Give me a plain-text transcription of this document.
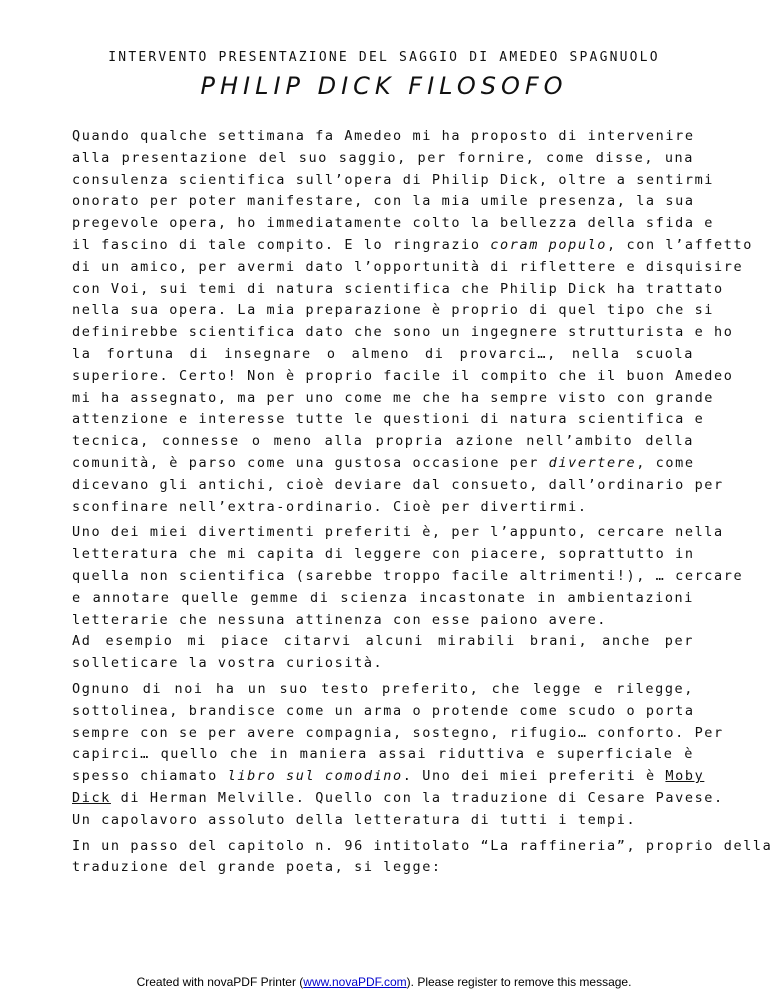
INTERVENTO PRESENTAZIONE DEL SAGGIO DI AMEDEO SPAGNUOLO
PHILIP DICK FILOSOFO
Quando qualche settimana fa Amedeo mi ha proposto di intervenire
alla presentazione del suo saggio, per fornire, come disse, una
consulenza scientifica sull’opera di Philip Dick, oltre a sentirmi
onorato per poter manifestare, con la mia umile presenza, la sua
pregevole opera, ho immediatamente colto la bellezza della sfida e
il fascino di tale compito. E lo ringrazio coram populo, con l’affetto
di un amico, per avermi dato l’opportunità di riflettere e disquisire
con Voi, sui temi di natura scientifica che Philip Dick ha trattato
nella sua opera. La mia preparazione è proprio di quel tipo che si
definirebbe scientifica dato che sono un ingegnere strutturista e ho
la fortuna di insegnare o almeno di provarci…, nella scuola
superiore. Certo! Non è proprio facile il compito che il buon Amedeo
mi ha assegnato, ma per uno come me che ha sempre visto con grande
attenzione e interesse tutte le questioni di natura scientifica e
tecnica, connesse o meno alla propria azione nell’ambito della
comunità, è parso come una gustosa occasione per divertere, come
dicevano gli antichi, cioè deviare dal consueto, dall’ordinario per
sconfinare nell’extra-ordinario. Cioè per divertirmi.
Uno dei miei divertimenti preferiti è, per l’appunto, cercare nella
letteratura che mi capita di leggere con piacere, soprattutto in
quella non scientifica (sarebbe troppo facile altrimenti!), … cercare
e annotare quelle gemme di scienza incastonate in ambientazioni
letterarie che nessuna attinenza con esse paiono avere.
Ad esempio mi piace citarvi alcuni mirabili brani, anche per
solleticare la vostra curiosità.
Ognuno di noi ha un suo testo preferito, che legge e rilegge,
sottolinea, brandisce come un arma o protende come scudo o porta
sempre con se per avere compagnia, sostegno, rifugio… conforto. Per
capirci… quello che in maniera assai riduttiva e superficiale è
spesso chiamato libro sul comodino. Uno dei miei preferiti è Moby
Dick di Herman Melville. Quello con la traduzione di Cesare Pavese.
Un capolavoro assoluto della letteratura di tutti i tempi.
In un passo del capitolo n. 96 intitolato “La raffineria”, proprio della
traduzione del grande poeta, si legge:
Created with novaPDF Printer (www.novaPDF.com). Please register to remove this message.
